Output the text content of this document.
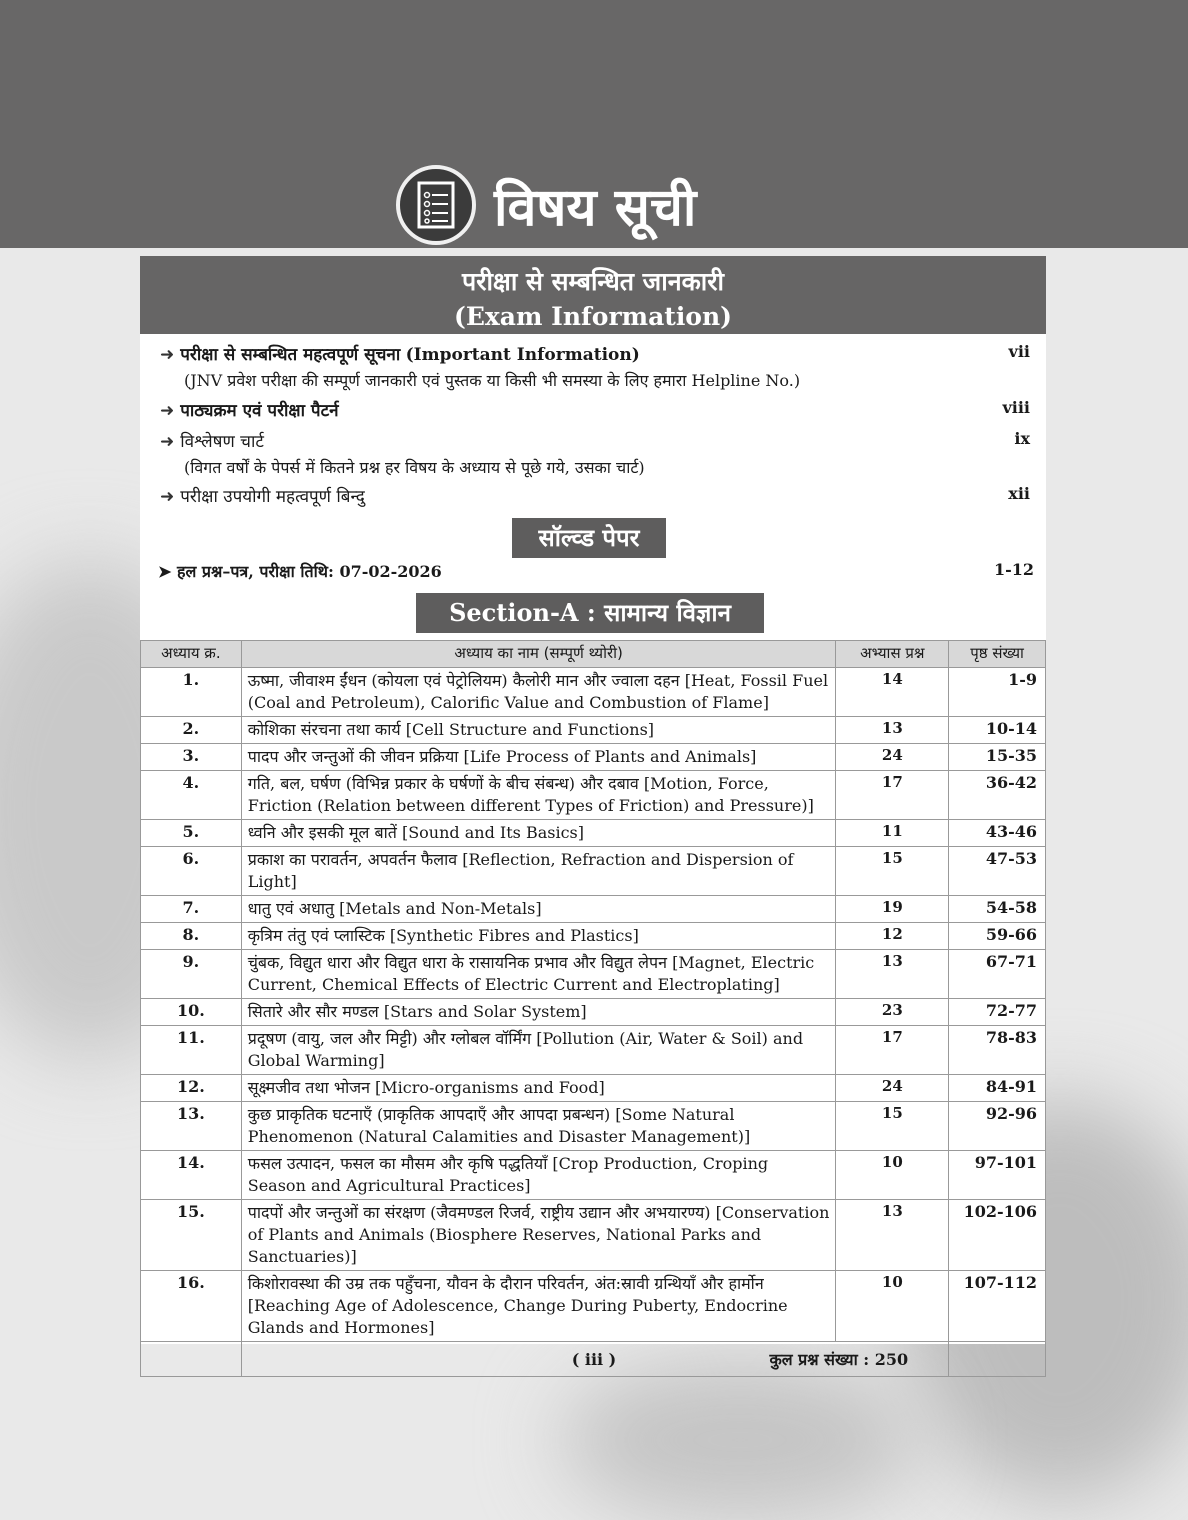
विषय सूची
परीक्षा से सम्बन्धित जानकारी
(Exam Information)
➜ परीक्षा से सम्बन्धित महत्वपूर्ण सूचना (Important Information)
(JNV प्रवेश परीक्षा की सम्पूर्ण जानकारी एवं पुस्तक या किसी भी समस्या के लिए हमारा Helpline No.)
vii
➜ पाठ्यक्रम एवं परीक्षा पैटर्न	viii
➜ विश्लेषण चार्ट
(विगत वर्षों के पेपर्स में कितने प्रश्न हर विषय के अध्याय से पूछे गये, उसका चार्ट)
ix
➜ परीक्षा उपयोगी महत्वपूर्ण बिन्दु	xii
सॉल्व्ड पेपर
➤ हल प्रश्न–पत्र, परीक्षा तिथि: 07-02-2026	1-12
Section-A : सामान्य विज्ञान
अध्याय क्र.	अध्याय का नाम (सम्पूर्ण थ्योरी)	अभ्यास प्रश्न	पृष्ठ संख्या
1.	ऊष्मा, जीवाश्म ईंधन (कोयला एवं पेट्रोलियम) कैलोरी मान और ज्वाला दहन [Heat, Fossil Fuel (Coal and Petroleum), Calorific Value and Combustion of Flame]	14	1-9
2.	कोशिका संरचना तथा कार्य [Cell Structure and Functions]	13	10-14
3.	पादप और जन्तुओं की जीवन प्रक्रिया [Life Process of Plants and Animals]	24	15-35
4.	गति, बल, घर्षण (विभिन्न प्रकार के घर्षणों के बीच संबन्ध) और दबाव [Motion, Force, Friction (Relation between different Types of Friction) and Pressure)]	17	36-42
5.	ध्वनि और इसकी मूल बातें [Sound and Its Basics]	11	43-46
6.	प्रकाश का परावर्तन, अपवर्तन फैलाव [Reflection, Refraction and Dispersion of Light]	15	47-53
7.	धातु एवं अधातु [Metals and Non-Metals]	19	54-58
8.	कृत्रिम तंतु एवं प्लास्टिक [Synthetic Fibres and Plastics]	12	59-66
9.	चुंबक, विद्युत धारा और विद्युत धारा के रासायनिक प्रभाव और विद्युत लेपन [Magnet, Electric Current, Chemical Effects of Electric Current and Electroplating]	13	67-71
10.	सितारे और सौर मण्डल [Stars and Solar System]	23	72-77
11.	प्रदूषण (वायु, जल और मिट्टी) और ग्लोबल वॉर्मिंग [Pollution (Air, Water & Soil) and Global Warming]	17	78-83
12.	सूक्ष्मजीव तथा भोजन [Micro-organisms and Food]	24	84-91
13.	कुछ प्राकृतिक घटनाएँ (प्राकृतिक आपदाएँ और आपदा प्रबन्धन) [Some Natural Phenomenon (Natural Calamities and Disaster Management)]	15	92-96
14.	फसल उत्पादन, फसल का मौसम और कृषि पद्धतियाँ [Crop Production, Croping Season and Agricultural Practices]	10	97-101
15.	पादपों और जन्तुओं का संरक्षण (जैवमण्डल रिजर्व, राष्ट्रीय उद्यान और अभयारण्य) [Conservation of Plants and Animals (Biosphere Reserves, National Parks and Sanctuaries)]	13	102-106
16.	किशोरावस्था की उम्र तक पहुँचना, यौवन के दौरान परिवर्तन, अंत:स्रावी ग्रन्थियाँ और हार्मोन [Reaching Age of Adolescence, Change During Puberty, Endocrine Glands and Hormones]	10	107-112
	कुल प्रश्न संख्या : 250		
( iii )
